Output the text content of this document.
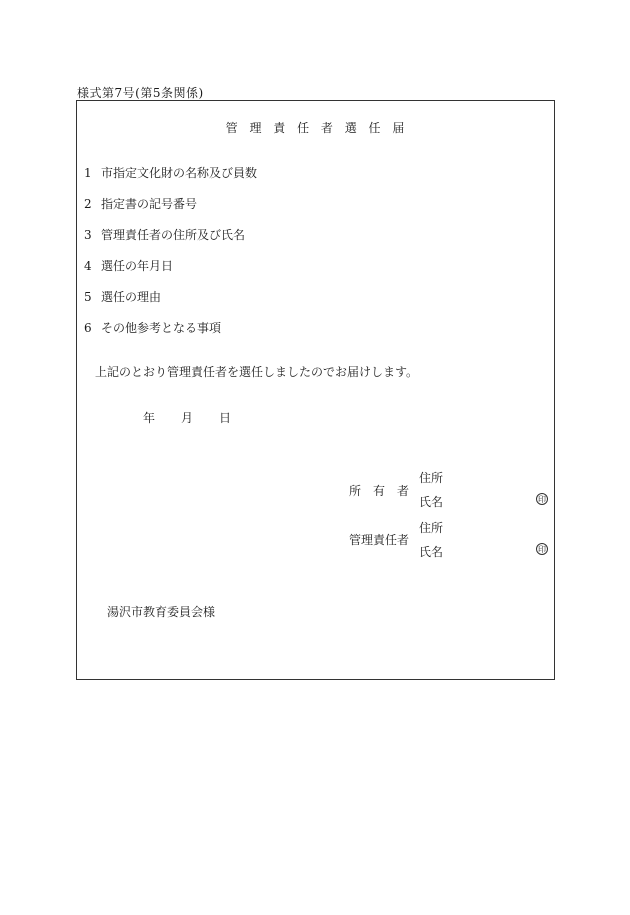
様式第7号(第5条関係)
管 理 責 任 者 選 任 届
1 市指定文化財の名称及び員数
2 指定書の記号番号
3 管理責任者の住所及び氏名
4 選任の年月日
5 選任の理由
6 その他参考となる事項
上記のとおり管理責任者を選任しましたのでお届けします。
年 月 日
所　有　者
住所
氏名	印
管理責任者
住所
氏名	印
湯沢市教育委員会様
